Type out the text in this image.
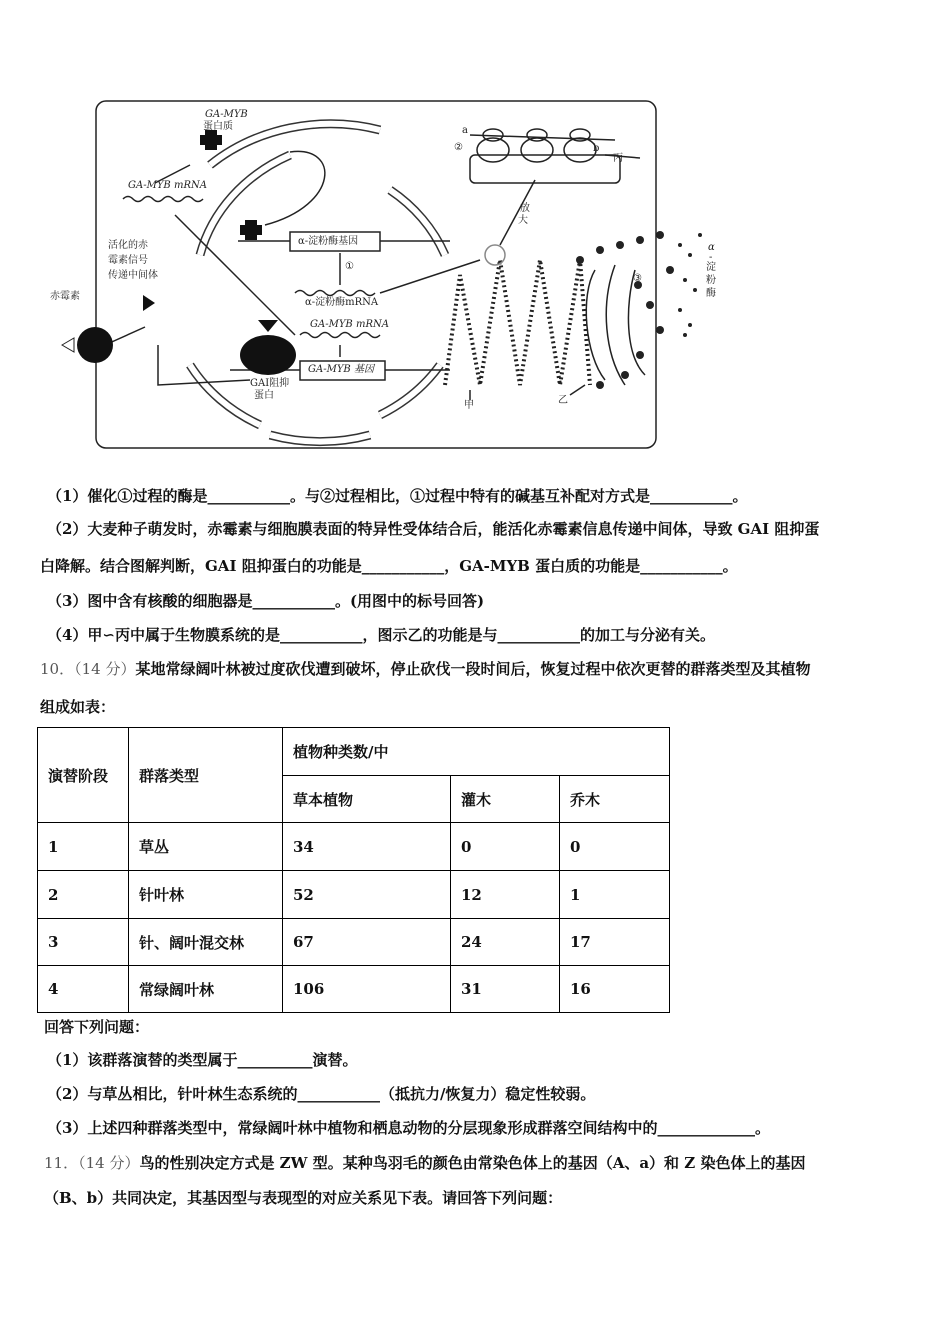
GA-MYB
蛋白质
GA-MYB mRNA
活化的赤
霉素信号
传递中间体
赤霉素
α-淀粉酶基因
①
α-淀粉酶mRNA
GA-MYB mRNA
GA-MYB 基因
GAI阻抑
蛋白
a
b
②
丙
放
大
③
α
-
淀
粉
酶
甲	乙
（1）催化①过程的酶是___________。与②过程相比，①过程中特有的碱基互补配对方式是___________。
（2）大麦种子萌发时，赤霉素与细胞膜表面的特异性受体结合后，能活化赤霉素信息传递中间体，导致 GAI 阻抑蛋
白降解。结合图解判断，GAI 阻抑蛋白的功能是___________，GA-MYB 蛋白质的功能是___________。
（3）图中含有核酸的细胞器是___________。(用图中的标号回答)
（4）甲∽丙中属于生物膜系统的是___________，图示乙的功能是与___________的加工与分泌有关。
10．（14 分）某地常绿阔叶林被过度砍伐遭到破坏，停止砍伐一段时间后，恢复过程中依次更替的群落类型及其植物
组成如表：
演替阶段	群落类型	植物种类数/中		
		草本植物	灌木	乔木
1	草丛	34	0	0
2	针叶林	52	12	1
3	针、阔叶混交林	67	24	17
4	常绿阔叶林	106	31	16
回答下列问题：
（1）该群落演替的类型属于__________演替。
（2）与草丛相比，针叶林生态系统的___________（抵抗力/恢复力）稳定性较弱。
（3）上述四种群落类型中，常绿阔叶林中植物和栖息动物的分层现象形成群落空间结构中的_____________。
11．（14 分）鸟的性别决定方式是 ZW 型。某种鸟羽毛的颜色由常染色体上的基因（A、a）和 Z 染色体上的基因
（B、b）共同决定，其基因型与表现型的对应关系见下表。请回答下列问题：
